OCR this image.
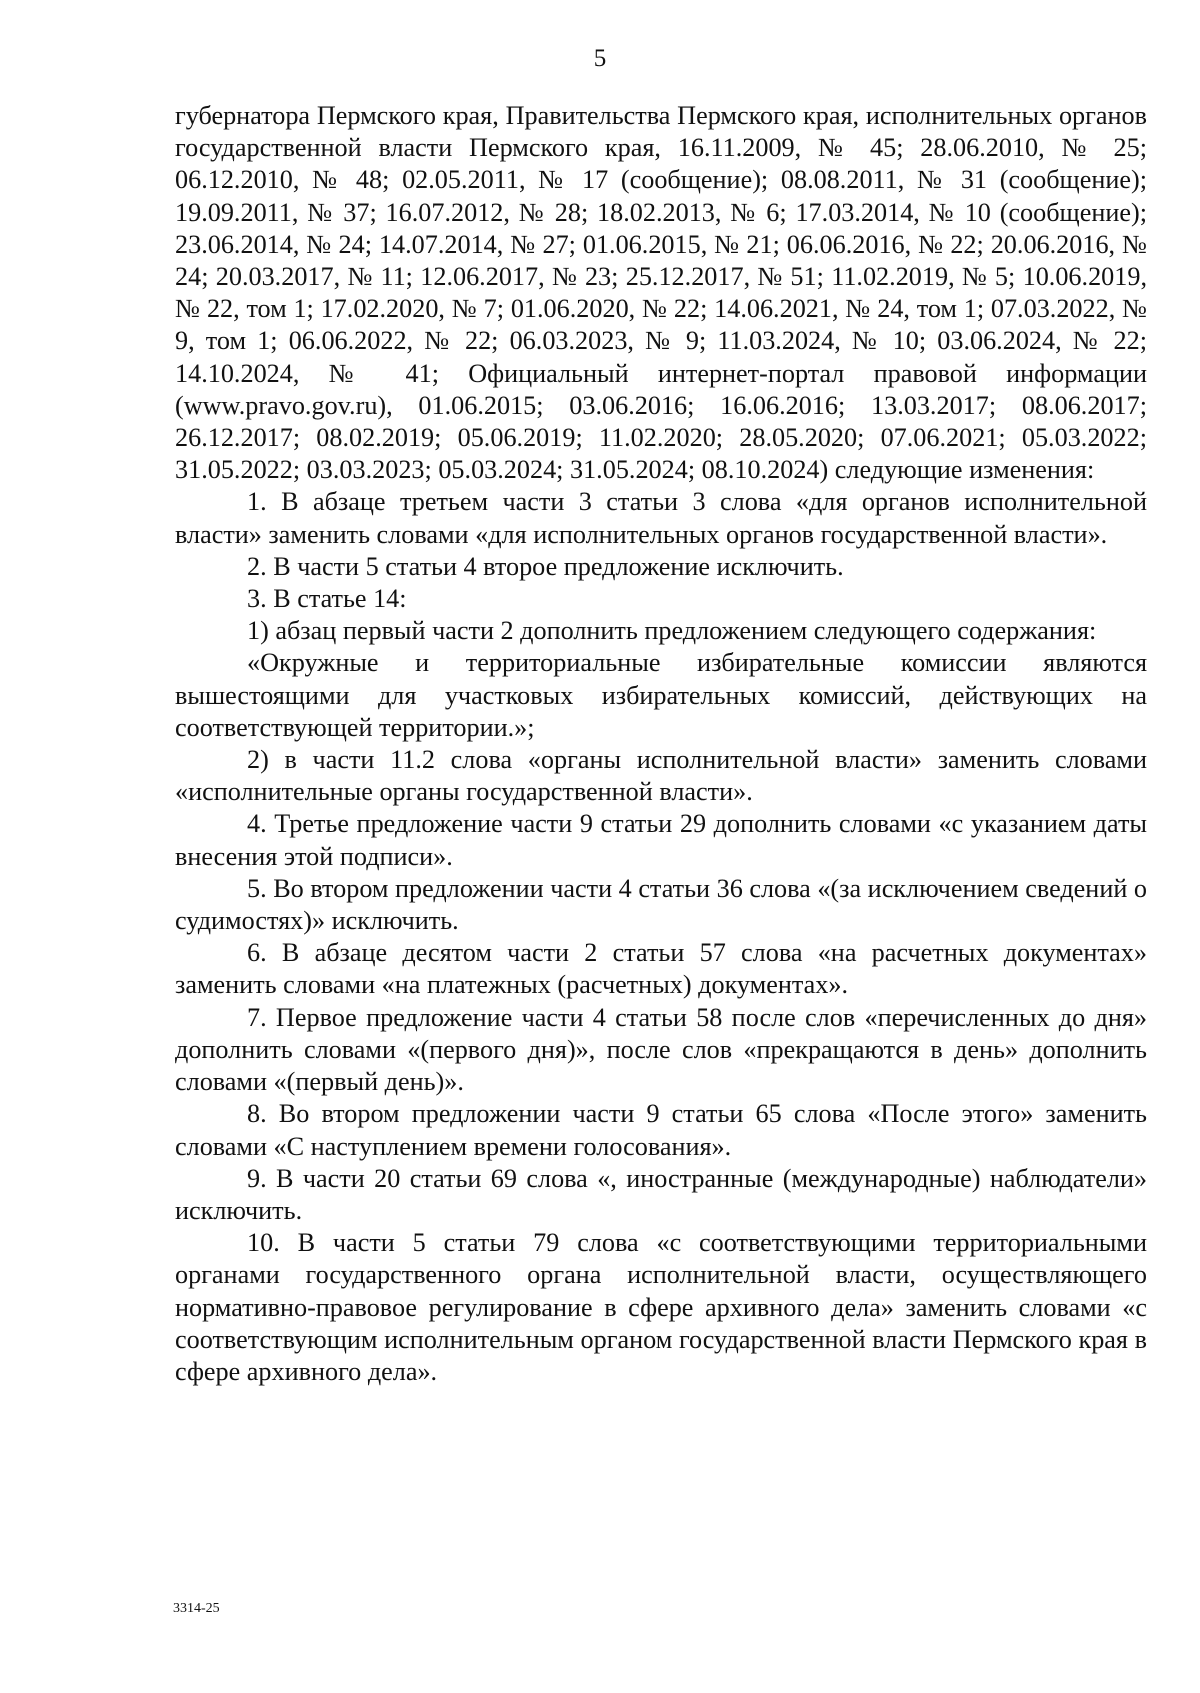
5

губернатора Пермского края, Правительства Пермского края, исполнительных органов государственной власти Пермского края, 16.11.2009, № 45; 28.06.2010, № 25; 06.12.2010, № 48; 02.05.2011, № 17 (сообщение); 08.08.2011, № 31 (сообщение); 19.09.2011, № 37; 16.07.2012, № 28; 18.02.2013, № 6; 17.03.2014, № 10 (сообщение); 23.06.2014, № 24; 14.07.2014, № 27; 01.06.2015, № 21; 06.06.2016, № 22; 20.06.2016, № 24; 20.03.2017, № 11; 12.06.2017, № 23; 25.12.2017, № 51; 11.02.2019, № 5; 10.06.2019, № 22, том 1; 17.02.2020, № 7; 01.06.2020, № 22; 14.06.2021, № 24, том 1; 07.03.2022, № 9, том 1; 06.06.2022, № 22; 06.03.2023, № 9; 11.03.2024, № 10; 03.06.2024, № 22; 14.10.2024, № 41; Официальный интернет-портал правовой информации (www.pravo.gov.ru), 01.06.2015; 03.06.2016; 16.06.2016; 13.03.2017; 08.06.2017; 26.12.2017; 08.02.2019; 05.06.2019; 11.02.2020; 28.05.2020; 07.06.2021; 05.03.2022; 31.05.2022; 03.03.2023; 05.03.2024; 31.05.2024; 08.10.2024) следующие изменения:

1. В абзаце третьем части 3 статьи 3 слова «для органов исполнительной власти» заменить словами «для исполнительных органов государственной власти».

2. В части 5 статьи 4 второе предложение исключить.

3. В статье 14:

1) абзац первый части 2 дополнить предложением следующего содержания:

«Окружные и территориальные избирательные комиссии являются вышестоящими для участковых избирательных комиссий, действующих на соответствующей территории.»;

2) в части 11.2 слова «органы исполнительной власти» заменить словами «исполнительные органы государственной власти».

4. Третье предложение части 9 статьи 29 дополнить словами «с указанием даты внесения этой подписи».

5. Во втором предложении части 4 статьи 36 слова «(за исключением сведений о судимостях)» исключить.

6. В абзаце десятом части 2 статьи 57 слова «на расчетных документах» заменить словами «на платежных (расчетных) документах».

7. Первое предложение части 4 статьи 58 после слов «перечисленных до дня» дополнить словами «(первого дня)», после слов «прекращаются в день» дополнить словами «(первый день)».

8. Во втором предложении части 9 статьи 65 слова «После этого» заменить словами «С наступлением времени голосования».

9. В части 20 статьи 69 слова «, иностранные (международные) наблюдатели» исключить.

10. В части 5 статьи 79 слова «с соответствующими территориальными органами государственного органа исполнительной власти, осуществляющего нормативно-правовое регулирование в сфере архивного дела» заменить словами «с соответствующим исполнительным органом государственной власти Пермского края в сфере архивного дела».

3314-25
